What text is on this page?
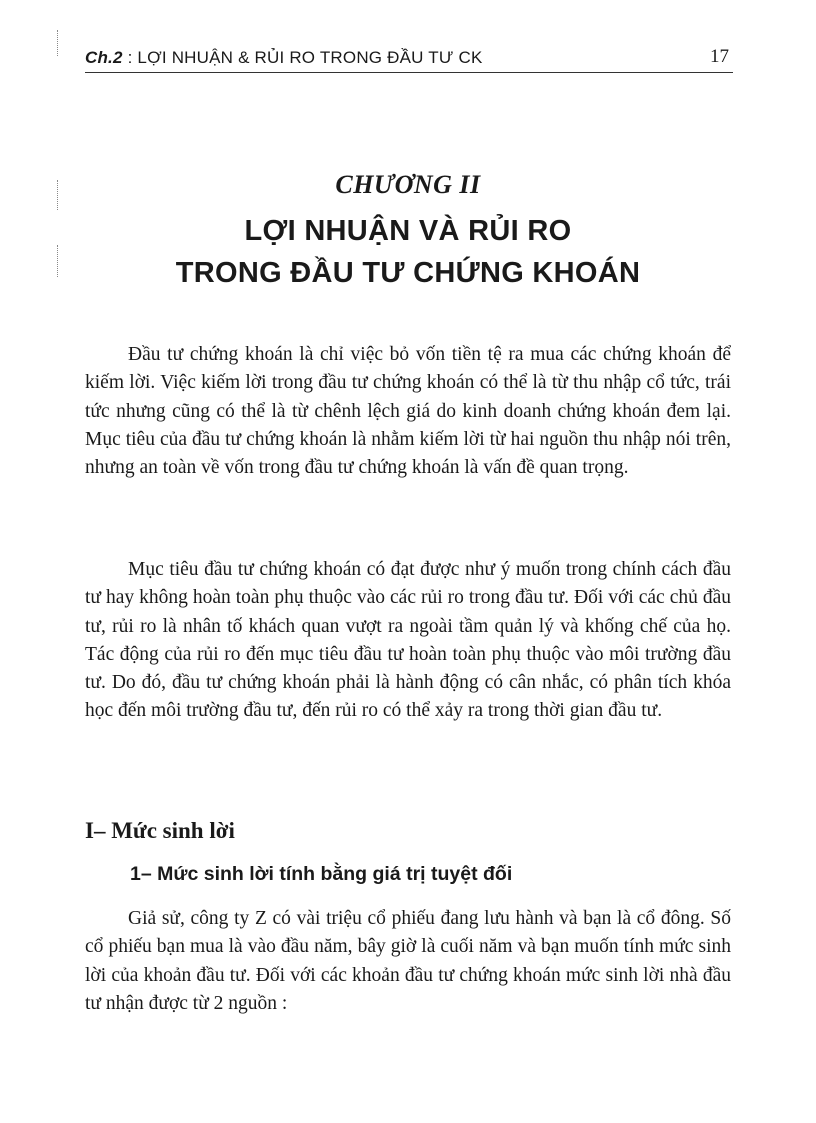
Ch.2 : LỢI NHUẬN & RỦI RO TRONG ĐẦU TƯ CK	17
CHƯƠNG II
LỢI NHUẬN VÀ RỦI RO
TRONG ĐẦU TƯ CHỨNG KHOÁN

Đầu tư chứng khoán là chỉ việc bỏ vốn tiền tệ ra mua các chứng khoán để kiếm lời. Việc kiếm lời trong đầu tư chứng khoán có thể là từ thu nhập cổ tức, trái tức nhưng cũng có thể là từ chênh lệch giá do kinh doanh chứng khoán đem lại. Mục tiêu của đầu tư chứng khoán là nhằm kiếm lời từ hai nguồn thu nhập nói trên, nhưng an toàn về vốn trong đầu tư chứng khoán là vấn đề quan trọng.

Mục tiêu đầu tư chứng khoán có đạt được như ý muốn trong chính cách đầu tư hay không hoàn toàn phụ thuộc vào các rủi ro trong đầu tư. Đối với các chủ đầu tư, rủi ro là nhân tố khách quan vượt ra ngoài tầm quản lý và khống chế của họ. Tác động của rủi ro đến mục tiêu đầu tư hoàn toàn phụ thuộc vào môi trường đầu tư. Do đó, đầu tư chứng khoán phải là hành động có cân nhắc, có phân tích khóa học đến môi trường đầu tư, đến rủi ro có thể xảy ra trong thời gian đầu tư.

I– Mức sinh lời
1– Mức sinh lời tính bằng giá trị tuyệt đối

Giả sử, công ty Z có vài triệu cổ phiếu đang lưu hành và bạn là cổ đông. Số cổ phiếu bạn mua là vào đầu năm, bây giờ là cuối năm và bạn muốn tính mức sinh lời của khoản đầu tư. Đối với các khoản đầu tư chứng khoán mức sinh lời nhà đầu tư nhận được từ 2 nguồn :
